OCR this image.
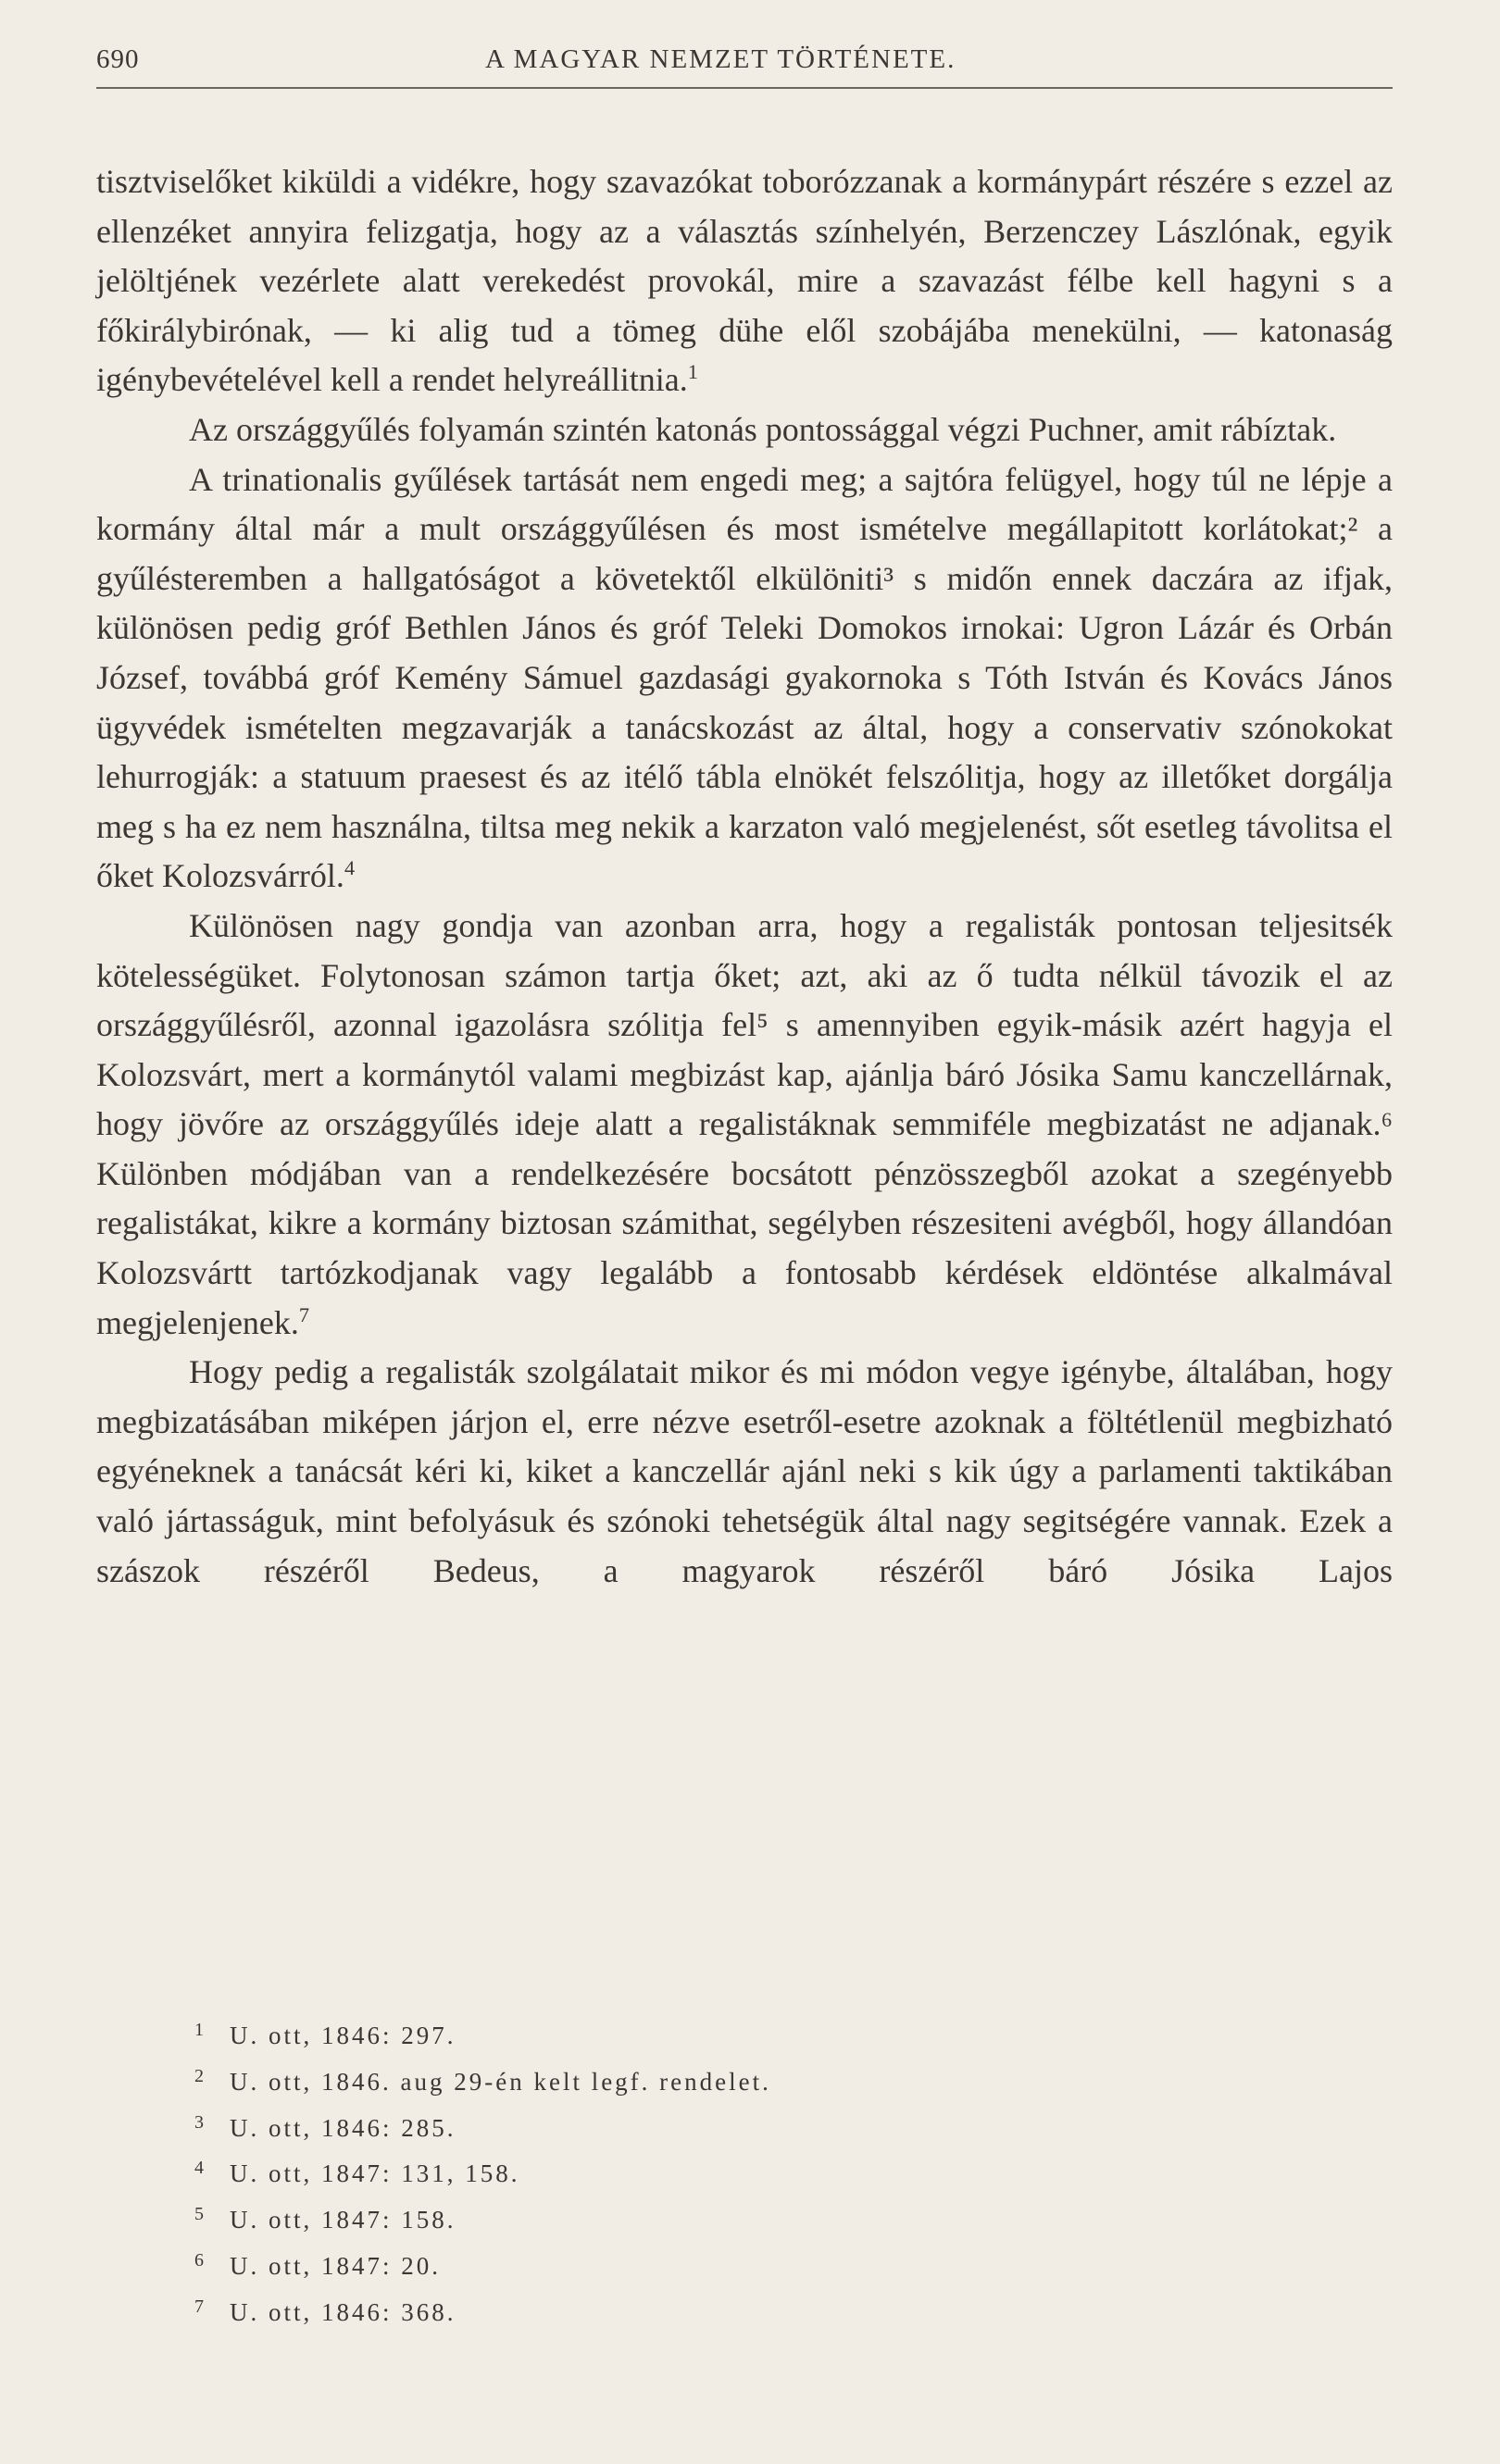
690	A MAGYAR NEMZET TÖRTÉNETE.

tisztviselőket kiküldi a vidékre, hogy szavazókat toborózzanak a kormánypárt részére s ezzel az ellenzéket annyira felizgatja, hogy az a választás színhelyén, Berzenczey Lászlónak, egyik jelöltjének vezérlete alatt verekedést provokál, mire a szavazást félbe kell hagyni s a főkirálybirónak, — ki alig tud a tömeg dühe elől szobájába menekülni, — katonaság igénybevételével kell a rendet helyreállitnia.$^1$

Az országgyűlés folyamán szintén katonás pontossággal végzi Puchner, amit rábíztak.

A trinationalis gyűlések tartását nem engedi meg; a sajtóra felügyel, hogy túl ne lépje a kormány által már a mult országgyűlésen és most ismételve megállapitott korlátokat;² a gyűlésteremben a hallgatóságot a követektől elkülöniti³ s midőn ennek daczára az ifjak, különösen pedig gróf Bethlen János és gróf Teleki Domokos irnokai: Ugron Lázár és Orbán József, továbbá gróf Kemény Sámuel gazdasági gyakornoka s Tóth István és Kovács János ügyvédek ismételten megzavarják a tanácskozást az által, hogy a conservativ szónokokat lehurrogják: a statuum praesest és az itélő tábla elnökét felszólitja, hogy az illetőket dorgálja meg s ha ez nem használna, tiltsa meg nekik a karzaton való megjelenést, sőt esetleg távolitsa el őket Kolozsvárról.$^4$

Különösen nagy gondja van azonban arra, hogy a regalisták pontosan teljesitsék kötelességüket. Folytonosan számon tartja őket; azt, aki az ő tudta nélkül távozik el az országgyűlésről, azonnal igazolásra szólitja fel⁵ s amennyiben egyik-másik azért hagyja el Kolozsvárt, mert a kormánytól valami megbizást kap, ajánlja báró Jósika Samu kanczellárnak, hogy jövőre az országgyűlés ideje alatt a regalistáknak semmiféle megbizatást ne adjanak.⁶ Különben módjában van a rendelkezésére bocsátott pénzösszegből azokat a szegényebb regalistákat, kikre a kormány biztosan számithat, segélyben részesiteni avégből, hogy állandóan Kolozsvártt tartózkodjanak vagy legalább a fontosabb kérdések eldöntése alkalmával megjelenjenek.$^7$

Hogy pedig a regalisták szolgálatait mikor és mi módon vegye igénybe, általában, hogy megbizatásában miképen járjon el, erre nézve esetről-esetre azoknak a föltétlenül megbizható egyéneknek a tanácsát kéri ki, kiket a kanczellár ajánl neki s kik úgy a parlamenti taktikában való jártasságuk, mint befolyásuk és szónoki tehetségük által nagy segitségére vannak. Ezek a szászok részéről Bedeus, a magyarok részéről báró Jósika Lajos

1 U. ott, 1846: 297.
2 U. ott, 1846. aug 29-én kelt legf. rendelet.
3 U. ott, 1846: 285.
4 U. ott, 1847: 131, 158.
5 U. ott, 1847: 158.
6 U. ott, 1847: 20.
7 U. ott, 1846: 368.
